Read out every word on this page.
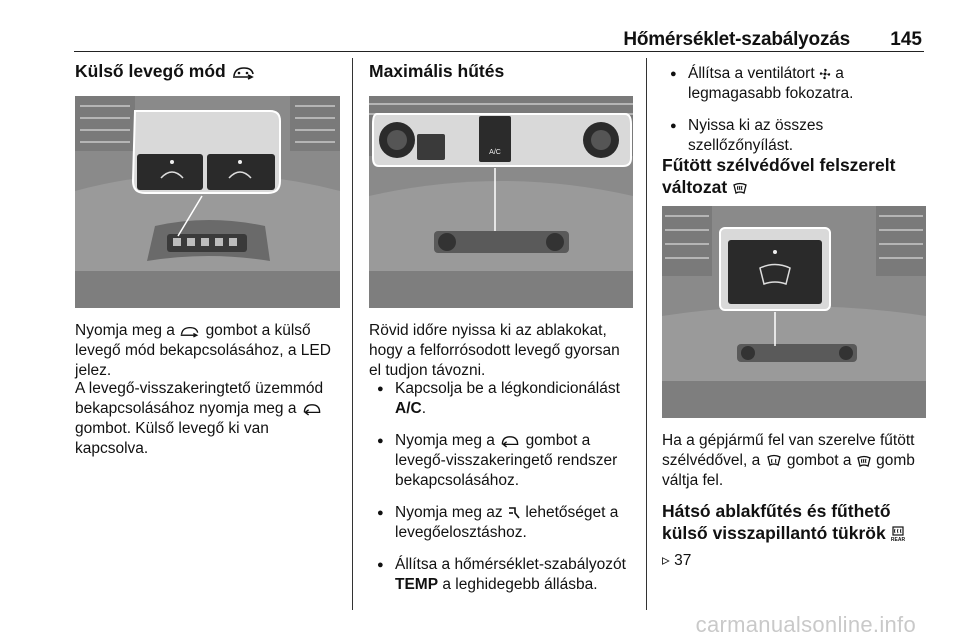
Hőmérséklet-szabályozás 145
Külső levegő mód

Nyomja meg a gombot a külső levegő mód bekapcsolásához, a LED jelez.

A levegő-visszakeringtető üzemmód bekapcsolásához nyomja meg a  gombot. Külső levegő ki van kapcsolva.

Maximális hűtés
A/C

Rövid időre nyissa ki az ablakokat, hogy a felforrósodott levegő gyorsan el tudjon távozni.

● Kapcsolja be a légkondicionálást A/C.
● Nyomja meg a gombot a levegő-visszakeringető rendszer bekapcsolásához.
● Nyomja meg az lehetőséget a levegőelosztáshoz.
● Állítsa a hőmérséklet-szabályozót TEMP a leghidegebb állásba.
● Állítsa a ventilátort a legmagasabb fokozatra.
● Nyissa ki az összes szellőzőnyílást.
Fűtött szélvédővel felszerelt változat

Ha a gépjármű fel van szerelve fűtött szélvédővel, a gombot a gomb váltja fel.

Hátsó ablakfűtés és fűthető külső visszapillantó tükrök REAR

▹ 37

carmanualsonline.info
